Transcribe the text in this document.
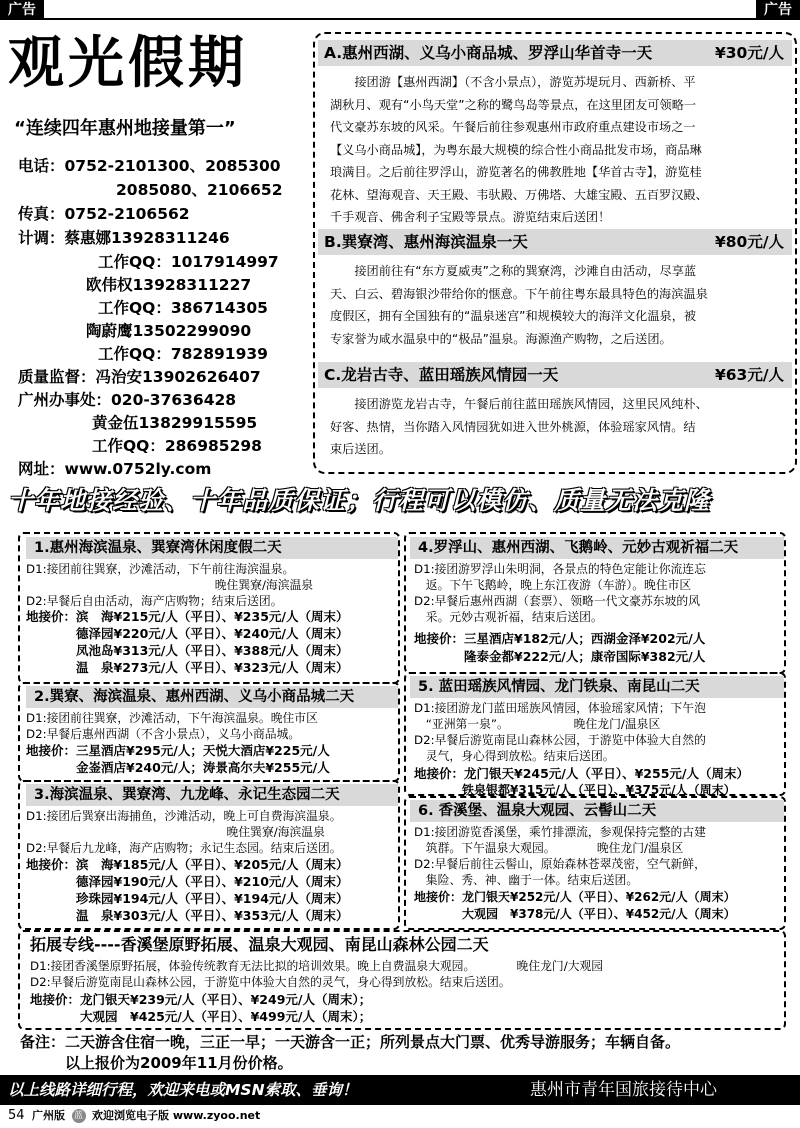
广告	广告
观光假期
“连续四年惠州地接量第一”
电话：0752-2101300、2085300
2085080、2106652
传真：0752-2106562
计调：蔡惠娜13928311246
工作QQ：1017914997
欧伟权13928311227
工作QQ：386714305
陶蔚鹰13502299090
工作QQ：782891939
质量监督：冯治安13902626407
广州办事处：020-37636428
黄金伍13829915595
工作QQ：286985298
网址：www.0752ly.com
A.惠州西湖、义乌小商品城、罗浮山华首寺一天	¥30元/人
　　接团游【惠州西湖】（不含小景点），游览苏堤玩月、西新桥、平
湖秋月、观有“小鸟天堂”之称的鹭鸟岛等景点，在这里团友可领略一
代文豪苏东坡的风采。午餐后前往参观惠州市政府重点建设市场之一
【义乌小商品城】，为粤东最大规模的综合性小商品批发市场，商品琳
琅满目。之后前往罗浮山，游览著名的佛教胜地【华首古寺】，游览桂
花林、望海观音、天王殿、韦驮殿、万佛塔、大雄宝殿、五百罗汉殿、
千手观音、佛舍利子宝殿等景点。游览结束后送团！
B.巽寮湾、惠州海滨温泉一天	¥80元/人
　　接团前往有“东方夏威夷”之称的巽寮湾，沙滩自由活动，尽享蓝
天、白云、碧海银沙带给你的惬意。下午前往粤东最具特色的海滨温泉
度假区，拥有全国独有的“温泉迷宫”和规模较大的海洋文化温泉，被
专家誉为咸水温泉中的“极品”温泉。海源渔产购物，之后送团。
C.龙岩古寺、蓝田瑶族风情园一天	¥63元/人
　　接团游览龙岩古寺，午餐后前往蓝田瑶族风情园，这里民风纯朴、
好客、热情，当你踏入风情园犹如进入世外桃源，体验瑶家风情。结
束后送团。
十年地接经验、十年品质保证；行程可以模仿、质量无法克隆
1.惠州海滨温泉、巽寮湾休闲度假二天
D1:接团前往巽寮，沙滩活动，下午前往海滨温泉。
　　　　　　　　　　　　　　　　晚住巽寮/海滨温泉
D2:早餐后自由活动，海产店购物；结束后送团。
地接价：滨　海¥215元/人（平日）、¥235元/人（周末）
　　　　德泽园¥220元/人（平日）、¥240元/人（周末）
　　　　凤池岛¥313元/人（平日）、¥388元/人（周末）
　　　　温　泉¥273元/人（平日）、¥323元/人（周末）
2.巽寮、海滨温泉、惠州西湖、义乌小商品城二天
D1:接团前往巽寮，沙滩活动，下午海滨温泉。晚住市区
D2:早餐后惠州西湖（不含小景点），义乌小商品城。
地接价：三星酒店¥295元/人；天悦大酒店¥225元/人
　　　　金崟酒店¥240元/人；涛景高尔夫¥255元/人
3.海滨温泉、巽寮湾、九龙峰、永记生态园二天
D1:接团后巽寮出海捕鱼，沙滩活动，晚上可自费海滨温泉。
　　　　　　　　　　　　　　　　　晚住巽寮/海滨温泉
D2:早餐后九龙峰，海产店购物；永记生态园。结束后送团。
地接价：滨　海¥185元/人（平日）、¥205元/人（周末）
　　　　德泽园¥190元/人（平日）、¥210元/人（周末）
　　　　珍珠园¥194元/人（平日）、¥194元/人（周末）
　　　　温　泉¥303元/人（平日）、¥353元/人（周末）
4.罗浮山、惠州西湖、飞鹅岭、元妙古观祈福二天
D1:接团游罗浮山朱明洞，各景点的特色定能让你流连忘
　返。下午飞鹅岭，晚上东江夜游（车游）。晚住市区
D2:早餐后惠州西湖（套票）、领略一代文豪苏东坡的风
　采。元妙古观祈福，结束后送团。
地接价：三星酒店¥182元/人；西湖金泽¥202元/人
　　　　隆泰金都¥222元/人；康帝国际¥382元/人
5. 蓝田瑶族风情园、龙门铁泉、南昆山二天
D1:接团游龙门蓝田瑶族风情园，体验瑶家风情；下午泡
　“亚洲第一泉”。　　　　　　晚住龙门/温泉区
D2:早餐后游览南昆山森林公园，于游览中体验大自然的
　灵气，身心得到放松。结束后送团。
地接价：龙门银天¥245元/人（平日）、¥255元/人（周末）
　　　　铁泉银都¥315元/人（平日）、¥375元/人（周末）
6. 香溪堡、温泉大观园、云髻山二天
D1:接团游览香溪堡，乘竹排漂流，参观保持完整的古建
　筑群。下午温泉大观园。　　　　晚住龙门/温泉区
D2:早餐后前往云髻山，原始森林苍翠茂密，空气新鲜，
　集险、秀、神、幽于一体。结束后送团。
地接价：龙门银天¥252元/人（平日）、¥262元/人（周末）
　　　　大观园　¥378元/人（平日）、¥452元/人（周末）
拓展专线----香溪堡原野拓展、温泉大观园、南昆山森林公园二天
D1:接团香溪堡原野拓展，体验传统教育无法比拟的培训效果。晚上自费温泉大观园。　　　　晚住龙门/大观园
D2:早餐后游览南昆山森林公园，于游览中体验大自然的灵气，身心得到放松。结束后送团。
地接价：龙门银天¥239元/人（平日）、¥249元/人（周末）；
　　　　大观园　¥425元/人（平日）、¥499元/人（周末）；
备注：二天游含住宿一晚，三正一早；一天游含一正；所列景点大门票、优秀导游服务；车辆自备。
　　　以上报价为2009年11月份价格。
以上线路详细行程，欢迎来电或MSN索取、垂询！	惠州市青年国旅接待中心
54 广州版 蓝 欢迎浏览电子版 www.zyoo.net
